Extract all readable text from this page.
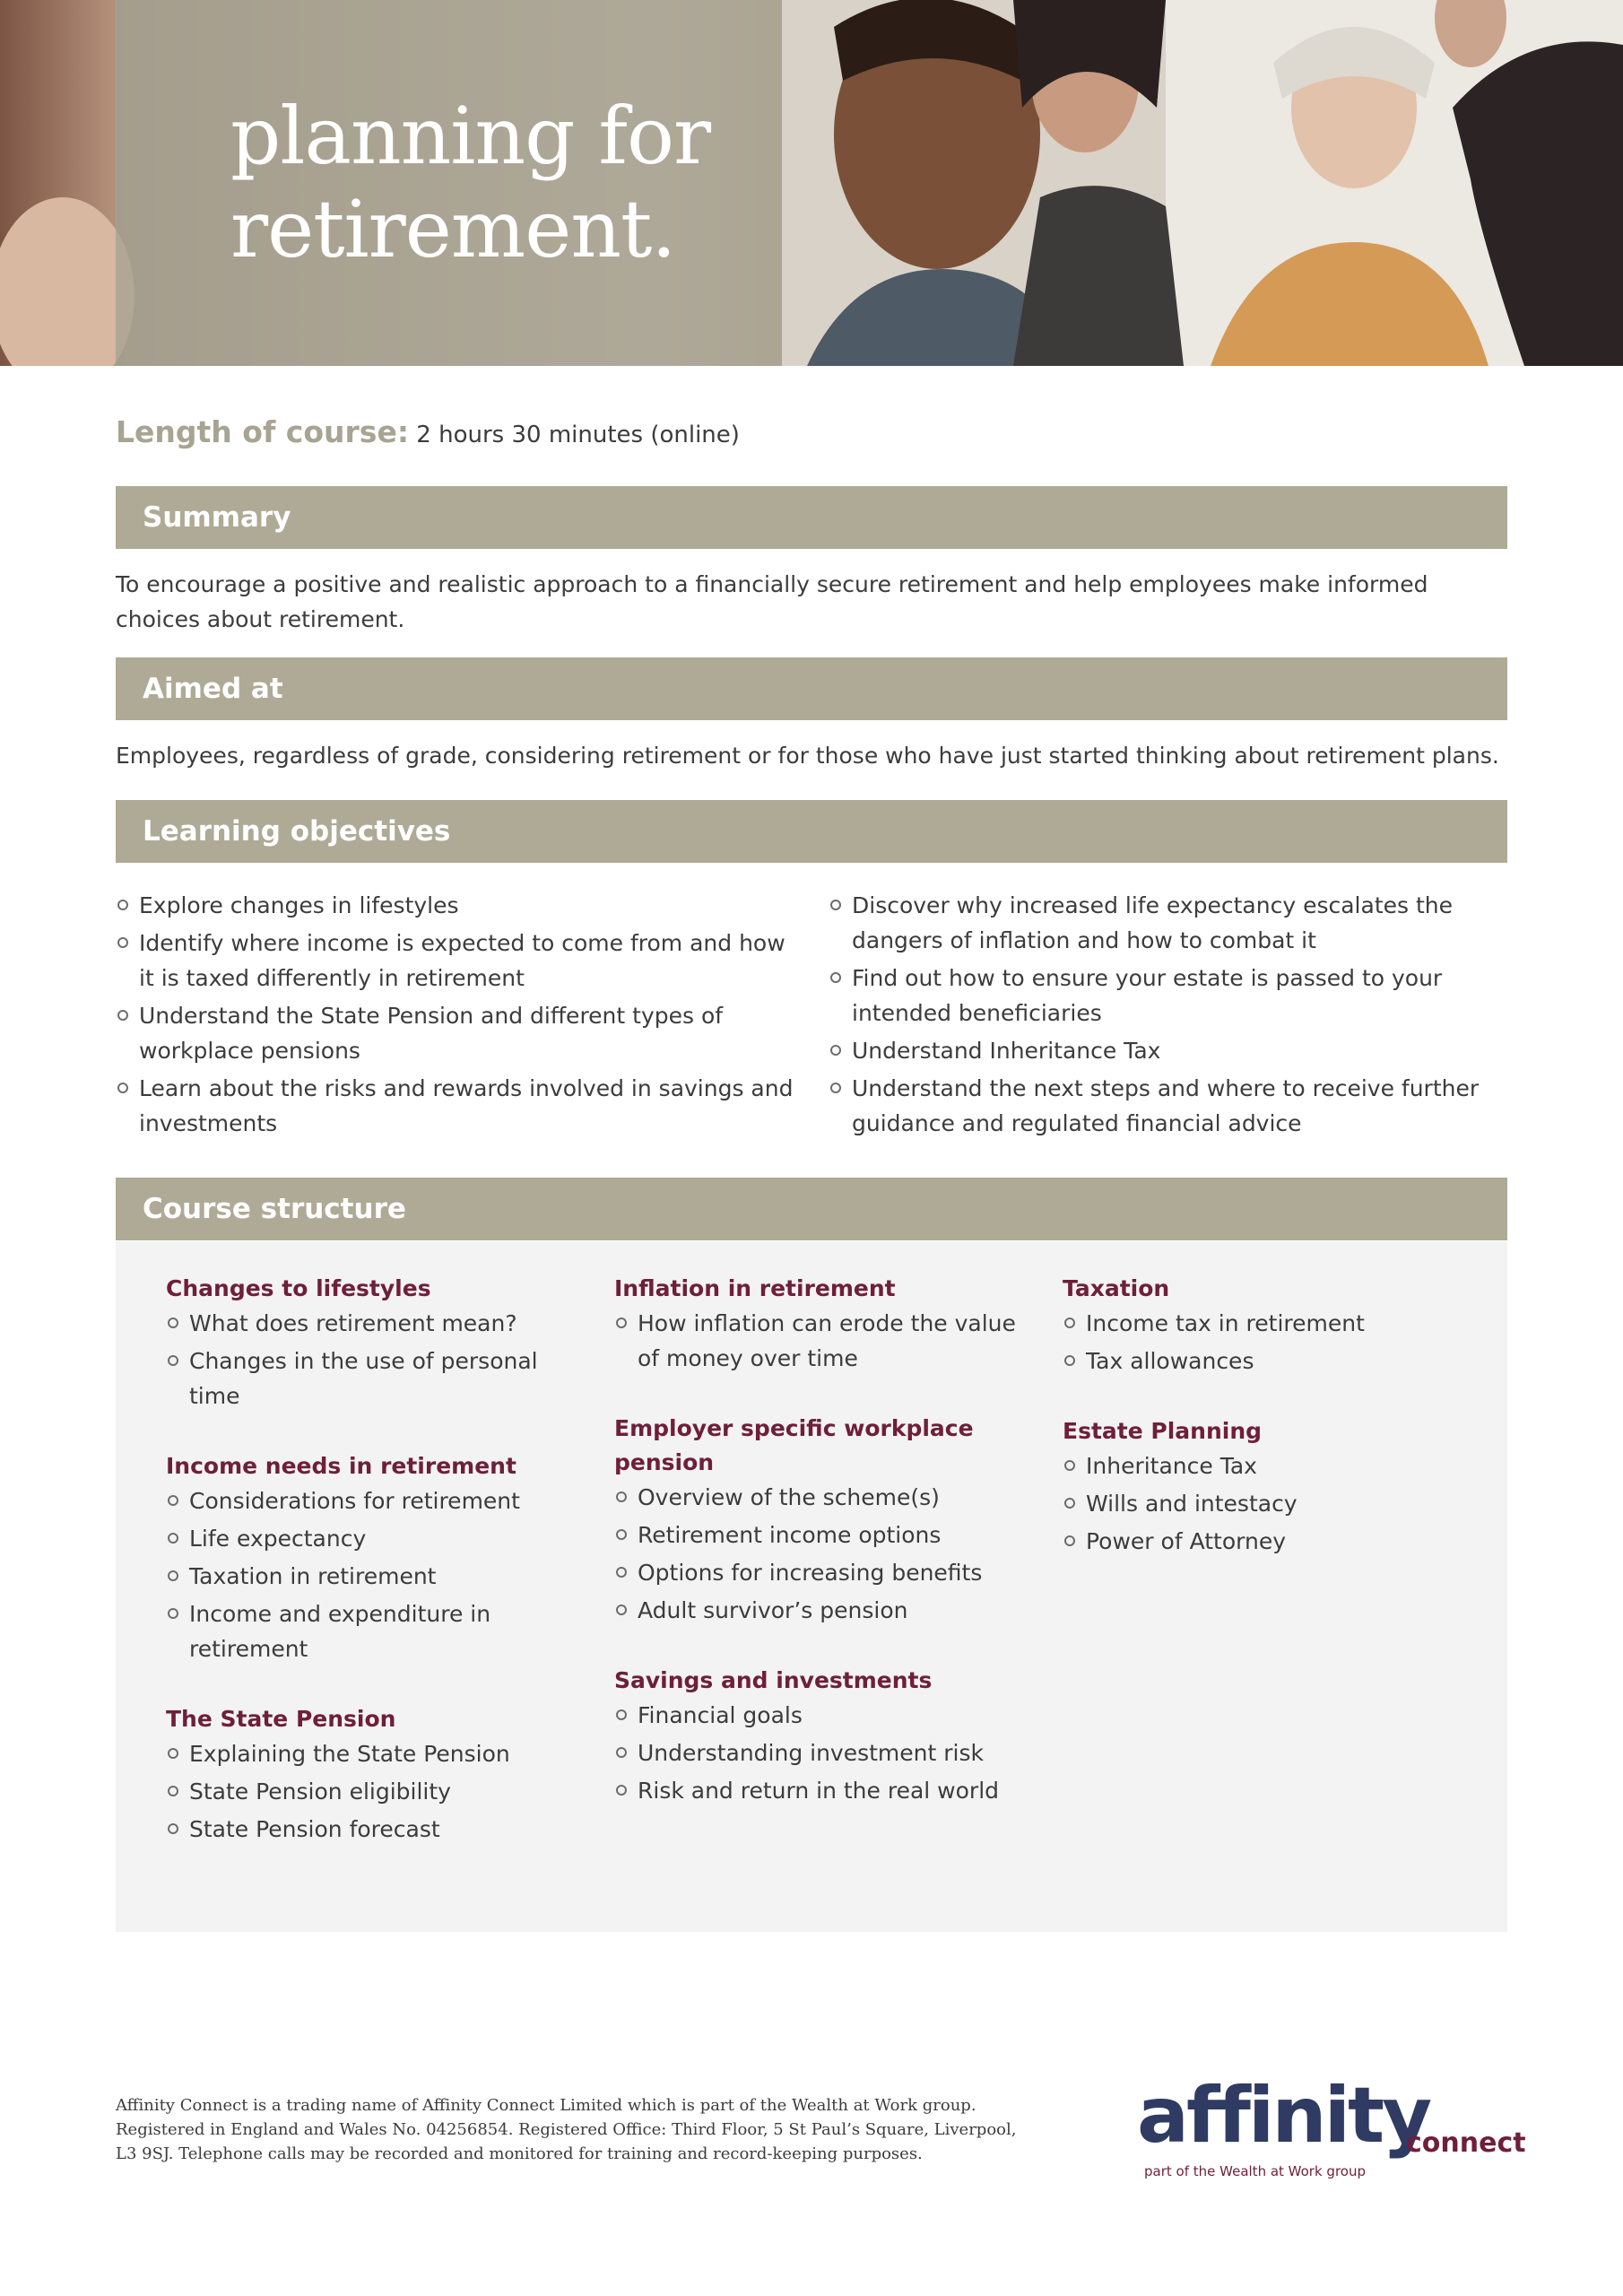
planning for
retirement.
Length of course: 2 hours 30 minutes (online)
Summary

To encourage a positive and realistic approach to a financially secure retirement and help employees make informed choices about retirement.

Aimed at

Employees, regardless of grade, considering retirement or for those who have just started thinking about retirement plans.

Learning objectives
Explore changes in lifestyles
Identify where income is expected to come from and how it is taxed differently in retirement
Understand the State Pension and different types of workplace pensions
Learn about the risks and rewards involved in savings and investments
Discover why increased life expectancy escalates the dangers of inflation and how to combat it
Find out how to ensure your estate is passed to your intended beneficiaries
Understand Inheritance Tax
Understand the next steps and where to receive further guidance and regulated financial advice
Course structure
Changes to lifestyles
What does retirement mean?
Changes in the use of personal time
Income needs in retirement
Considerations for retirement
Life expectancy
Taxation in retirement
Income and expenditure in retirement
The State Pension
Explaining the State Pension
State Pension eligibility
State Pension forecast
Inflation in retirement
How inflation can erode the value of money over time
Employer specific workplace pension
Overview of the scheme(s)
Retirement income options
Options for increasing benefits
Adult survivor’s pension
Savings and investments
Financial goals
Understanding investment risk
Risk and return in the real world
Taxation
Income tax in retirement
Tax allowances
Estate Planning
Inheritance Tax
Wills and intestacy
Power of Attorney

Affinity Connect is a trading name of Affinity Connect Limited which is part of the Wealth at Work group. Registered in England and Wales No. 04256854. Registered Office: Third Floor, 5 St Paul’s Square, Liverpool, L3 9SJ. Telephone calls may be recorded and monitored for training and record-keeping purposes.	affinity
connect
part of the Wealth at Work group
